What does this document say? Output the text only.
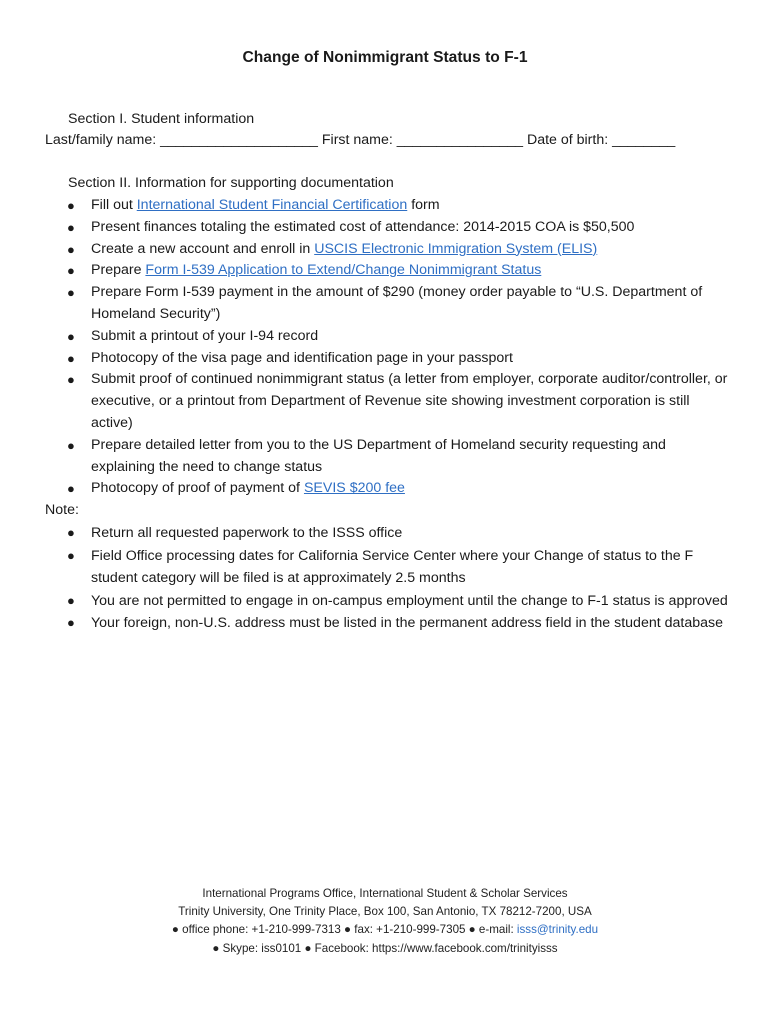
Change of Nonimmigrant Status to F-1
Section I. Student information
Last/family name: ____________________ First name: ________________ Date of birth: ________
Section II. Information for supporting documentation
● Fill out International Student Financial Certification form
● Present finances totaling the estimated cost of attendance: 2014-2015 COA is $50,500
● Create a new account and enroll in USCIS Electronic Immigration System (ELIS)
● Prepare Form I-539 Application to Extend/Change Nonimmigrant Status
● Prepare Form I-539 payment in the amount of $290 (money order payable to “U.S. Department of Homeland Security”)
● Submit a printout of your I-94 record
● Photocopy of the visa page and identification page in your passport
● Submit proof of continued nonimmigrant status (a letter from employer, corporate auditor/controller, or executive, or a printout from Department of Revenue site showing investment corporation is still active)
● Prepare detailed letter from you to the US Department of Homeland security requesting and explaining the need to change status
● Photocopy of proof of payment of SEVIS $200 fee
Note:
● Return all requested paperwork to the ISSS office
● Field Office processing dates for California Service Center where your Change of status to the F student category will be filed is at approximately 2.5 months
● You are not permitted to engage in on-campus employment until the change to F-1 status is approved
● Your foreign, non-U.S. address must be listed in the permanent address field in the student database
International Programs Office, International Student & Scholar Services
Trinity University, One Trinity Place, Box 100, San Antonio, TX 78212-7200, USA
● office phone: +1-210-999-7313 ● fax: +1-210-999-7305 ● e-mail: isss@trinity.edu
● Skype: iss0101 ● Facebook: https://www.facebook.com/trinityisss
